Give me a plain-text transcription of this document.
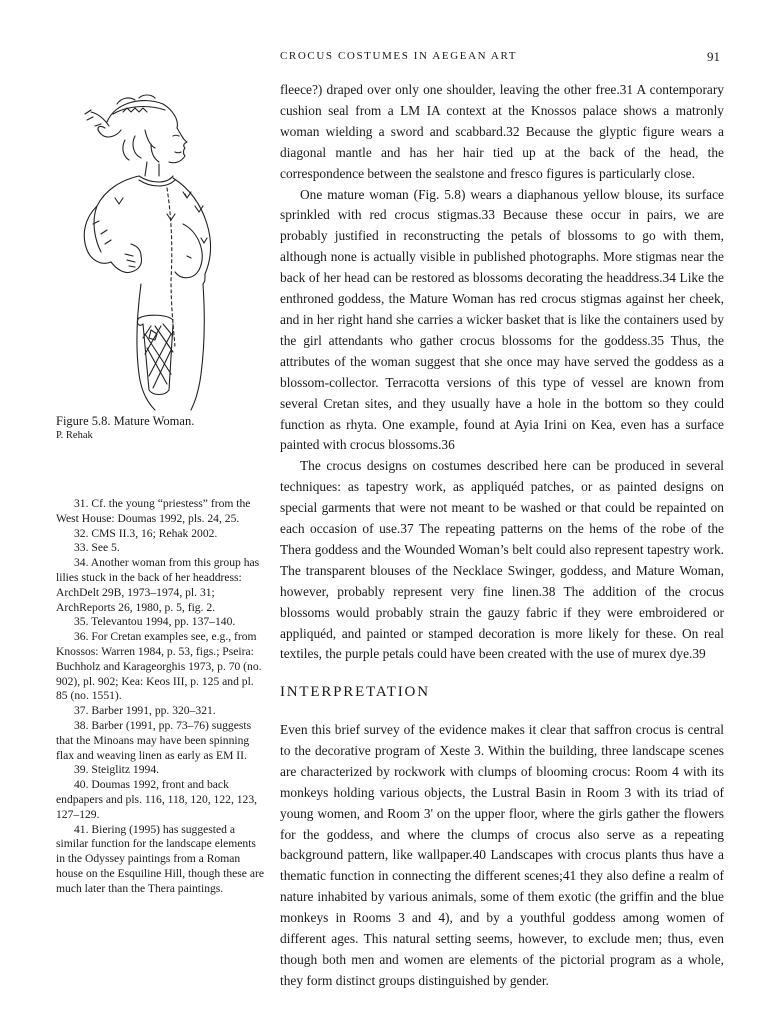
CROCUS COSTUMES IN AEGEAN ART	91
Figure 5.8. Mature Woman.
P. Rehak

31. Cf. the young “priestess” from the West House: Doumas 1992, pls. 24, 25.

32. CMS II.3, 16; Rehak 2002.

33. See 5.

34. Another woman from this group has lilies stuck in the back of her headdress: ArchDelt 29B, 1973–1974, pl. 31; ArchReports 26, 1980, p. 5, fig. 2.

35. Televantou 1994, pp. 137–140.

36. For Cretan examples see, e.g., from Knossos: Warren 1984, p. 53, figs.; Pseira: Buchholz and Karageorghis 1973, p. 70 (no. 902), pl. 902; Kea: Keos III, p. 125 and pl. 85 (no. 1551).

37. Barber 1991, pp. 320–321.

38. Barber (1991, pp. 73–76) suggests that the Minoans may have been spinning flax and weaving linen as early as EM II.

39. Steiglitz 1994.

40. Doumas 1992, front and back endpapers and pls. 116, 118, 120, 122, 123, 127–129.

41. Biering (1995) has suggested a similar function for the landscape elements in the Odyssey paintings from a Roman house on the Esquiline Hill, though these are much later than the Thera paintings.

fleece?) draped over only one shoulder, leaving the other free.31 A contemporary cushion seal from a LM IA context at the Knossos palace shows a matronly woman wielding a sword and scabbard.32 Because the glyptic figure wears a diagonal mantle and has her hair tied up at the back of the head, the correspondence between the sealstone and fresco figures is particularly close.

One mature woman (Fig. 5.8) wears a diaphanous yellow blouse, its surface sprinkled with red crocus stigmas.33 Because these occur in pairs, we are probably justified in reconstructing the petals of blossoms to go with them, although none is actually visible in published photographs. More stigmas near the back of her head can be restored as blossoms decorating the headdress.34 Like the enthroned goddess, the Mature Woman has red crocus stigmas against her cheek, and in her right hand she carries a wicker basket that is like the containers used by the girl attendants who gather crocus blossoms for the goddess.35 Thus, the attributes of the woman suggest that she once may have served the goddess as a blossom-collector. Terracotta versions of this type of vessel are known from several Cretan sites, and they usually have a hole in the bottom so they could function as rhyta. One example, found at Ayia Irini on Kea, even has a surface painted with crocus blossoms.36

The crocus designs on costumes described here can be produced in several techniques: as tapestry work, as appliquéd patches, or as painted designs on special garments that were not meant to be washed or that could be repainted on each occasion of use.37 The repeating patterns on the hems of the robe of the Thera goddess and the Wounded Woman’s belt could also represent tapestry work. The transparent blouses of the Necklace Swinger, goddess, and Mature Woman, however, probably represent very fine linen.38 The addition of the crocus blossoms would probably strain the gauzy fabric if they were embroidered or appliquéd, and painted or stamped decoration is more likely for these. On real textiles, the purple petals could have been created with the use of murex dye.39

INTERPRETATION

Even this brief survey of the evidence makes it clear that saffron crocus is central to the decorative program of Xeste 3. Within the building, three landscape scenes are characterized by rockwork with clumps of blooming crocus: Room 4 with its monkeys holding various objects, the Lustral Basin in Room 3 with its triad of young women, and Room 3' on the upper floor, where the girls gather the flowers for the goddess, and where the clumps of crocus also serve as a repeating background pattern, like wallpaper.40 Landscapes with crocus plants thus have a thematic function in connecting the different scenes;41 they also define a realm of nature inhabited by various animals, some of them exotic (the griffin and the blue monkeys in Rooms 3 and 4), and by a youthful goddess among women of different ages. This natural setting seems, however, to exclude men; thus, even though both men and women are elements of the pictorial program as a whole, they form distinct groups distinguished by gender.
